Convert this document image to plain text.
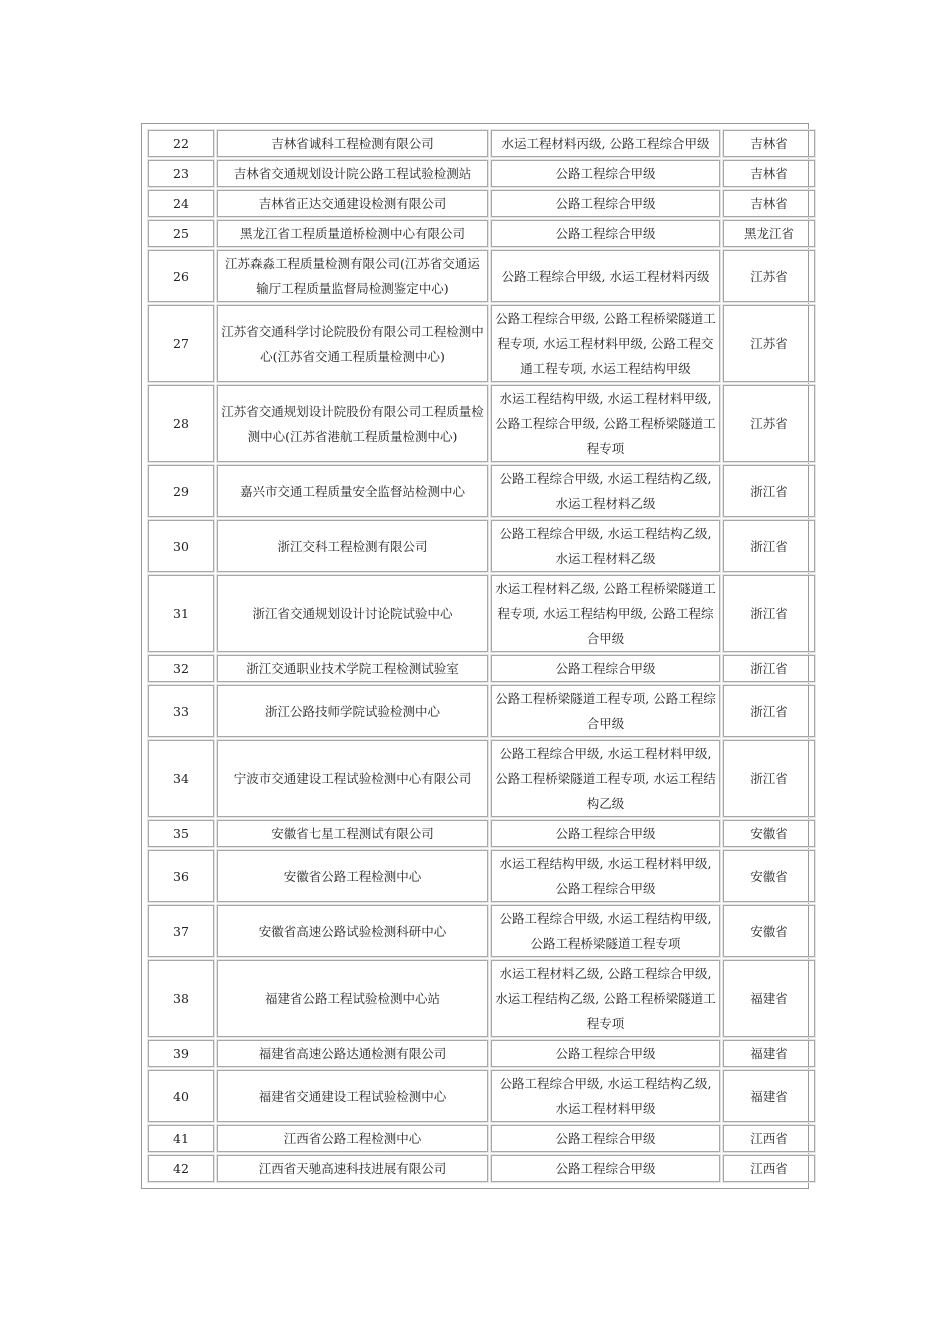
22	吉林省诚科工程检测有限公司	水运工程材料丙级, 公路工程综合甲级	吉林省
23	吉林省交通规划设计院公路工程试验检测站	公路工程综合甲级	吉林省
24	吉林省正达交通建设检测有限公司	公路工程综合甲级	吉林省
25	黑龙江省工程质量道桥检测中心有限公司	公路工程综合甲级	黑龙江省
26	江苏森淼工程质量检测有限公司(江苏省交通运输厅工程质量监督局检测鉴定中心)	公路工程综合甲级, 水运工程材料丙级	江苏省
27	江苏省交通科学讨论院股份有限公司工程检测中心(江苏省交通工程质量检测中心)	公路工程综合甲级, 公路工程桥梁隧道工程专项, 水运工程材料甲级, 公路工程交通工程专项, 水运工程结构甲级	江苏省
28	江苏省交通规划设计院股份有限公司工程质量检测中心(江苏省港航工程质量检测中心)	水运工程结构甲级, 水运工程材料甲级, 公路工程综合甲级, 公路工程桥梁隧道工程专项	江苏省
29	嘉兴市交通工程质量安全监督站检测中心	公路工程综合甲级, 水运工程结构乙级, 水运工程材料乙级	浙江省
30	浙江交科工程检测有限公司	公路工程综合甲级, 水运工程结构乙级, 水运工程材料乙级	浙江省
31	浙江省交通规划设计讨论院试验中心	水运工程材料乙级, 公路工程桥梁隧道工程专项, 水运工程结构甲级, 公路工程综合甲级	浙江省
32	浙江交通职业技术学院工程检测试验室	公路工程综合甲级	浙江省
33	浙江公路技师学院试验检测中心	公路工程桥梁隧道工程专项, 公路工程综合甲级	浙江省
34	宁波市交通建设工程试验检测中心有限公司	公路工程综合甲级, 水运工程材料甲级, 公路工程桥梁隧道工程专项, 水运工程结构乙级	浙江省
35	安徽省七星工程测试有限公司	公路工程综合甲级	安徽省
36	安徽省公路工程检测中心	水运工程结构甲级, 水运工程材料甲级, 公路工程综合甲级	安徽省
37	安徽省高速公路试验检测科研中心	公路工程综合甲级, 水运工程结构甲级, 公路工程桥梁隧道工程专项	安徽省
38	福建省公路工程试验检测中心站	水运工程材料乙级, 公路工程综合甲级, 水运工程结构乙级, 公路工程桥梁隧道工程专项	福建省
39	福建省高速公路达通检测有限公司	公路工程综合甲级	福建省
40	福建省交通建设工程试验检测中心	公路工程综合甲级, 水运工程结构乙级, 水运工程材料甲级	福建省
41	江西省公路工程检测中心	公路工程综合甲级	江西省
42	江西省天驰高速科技进展有限公司	公路工程综合甲级	江西省
